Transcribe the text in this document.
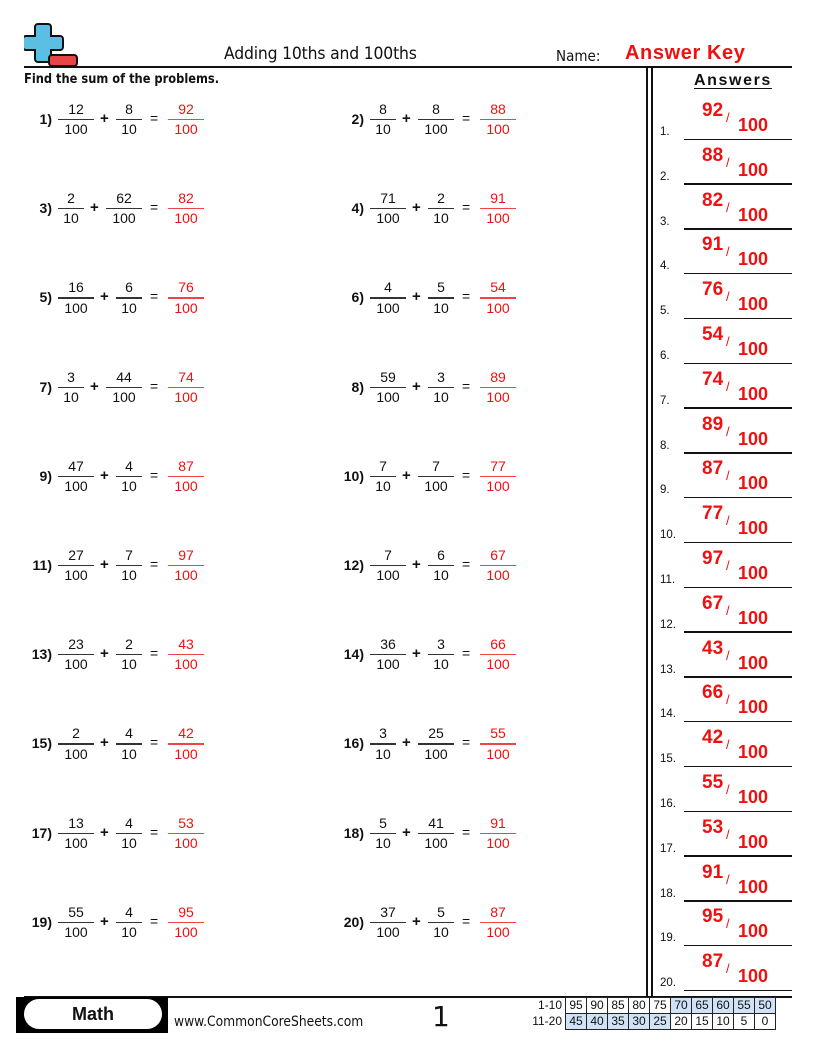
Adding 10ths and 100ths	Name: Answer Key
Find the sum of the problems.	Answers
1)
12
100
+
8
10
=
92
100
2)
8
10
+
8
100
=
88
100
3)
2
10
+
62
100
=
82
100
4)
71
100
+
2
10
=
91
100
5)
16
100
+
6
10
=
76
100
6)
4
100
+
5
10
=
54
100
7)
3
10
+
44
100
=
74
100
8)
59
100
+
3
10
=
89
100
9)
47
100
+
4
10
=
87
100
10)
7
10
+
7
100
=
77
100
11)
27
100
+
7
10
=
97
100
12)
7
100
+
6
10
=
67
100
13)
23
100
+
2
10
=
43
100
14)
36
100
+
3
10
=
66
100
15)
2
100
+
4
10
=
42
100
16)
3
10
+
25
100
=
55
100
17)
13
100
+
4
10
=
53
100
18)
5
10
+
41
100
=
91
100
19)
55
100
+
4
10
=
95
100
20)
37
100
+
5
10
=
87
100
1.
92 / 100
2.
88 / 100
3.
82 / 100
4.
91 / 100
5.
76 / 100
6.
54 / 100
7.
74 / 100
8.
89 / 100
9.
87 / 100
10.
77 / 100
11.
97 / 100
12.
67 / 100
13.
43 / 100
14.
66 / 100
15.
42 / 100
16.
55 / 100
17.
53 / 100
18.
91 / 100
19.
95 / 100
20.
87 / 100
Math	www.CommonCoreSheets.com 1	1-10	95	90	85	80	75	70	65	60	55	50
11-20	45	40	35	30	25	20	15	10	5	0
